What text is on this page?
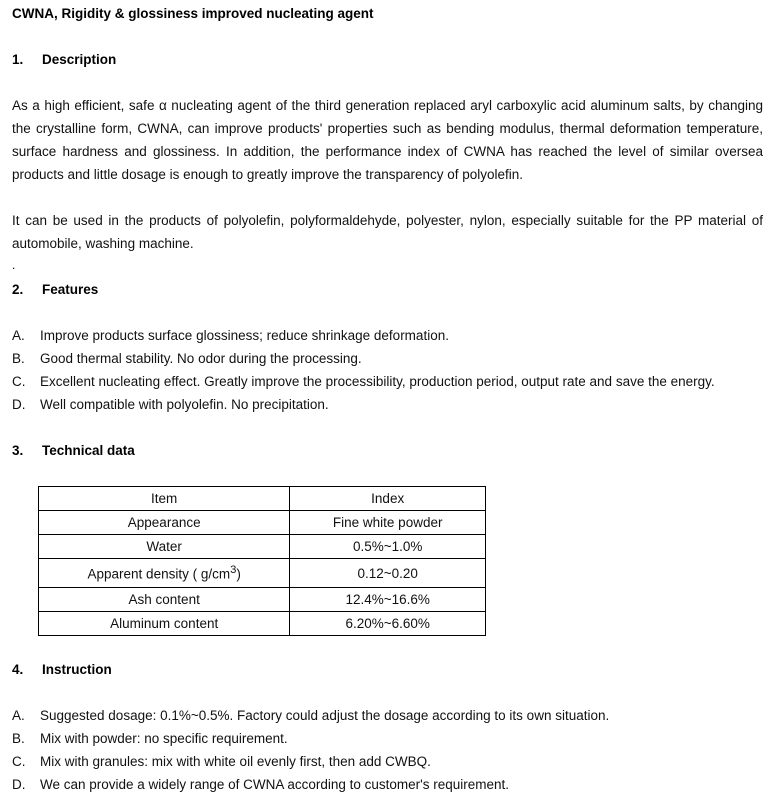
CWNA, Rigidity & glossiness improved nucleating agent
1. Description
As a high efficient, safe α nucleating agent of the third generation replaced aryl carboxylic acid aluminum salts, by changing the crystalline form, CWNA, can improve products' properties such as bending modulus, thermal deformation temperature, surface hardness and glossiness. In addition, the performance index of CWNA has reached the level of similar oversea products and little dosage is enough to greatly improve the transparency of polyolefin.
It can be used in the products of polyolefin, polyformaldehyde, polyester, nylon, especially suitable for the PP material of automobile, washing machine.
.
2. Features
A. Improve products surface glossiness; reduce shrinkage deformation.
B. Good thermal stability. No odor during the processing.
C. Excellent nucleating effect. Greatly improve the processibility, production period, output rate and save the energy.
D. Well compatible with polyolefin. No precipitation.
3. Technical data
Item	Index
Appearance	Fine white powder
Water	0.5%~1.0%
Apparent density ( $g/cm^3$)	0.12~0.20
Ash content	12.4%~16.6%
Aluminum content	6.20%~6.60%
4. Instruction
A. Suggested dosage: 0.1%~0.5%. Factory could adjust the dosage according to its own situation.
B. Mix with powder: no specific requirement.
C. Mix with granules: mix with white oil evenly first, then add CWBQ.
D. We can provide a widely range of CWNA according to customer's requirement.
